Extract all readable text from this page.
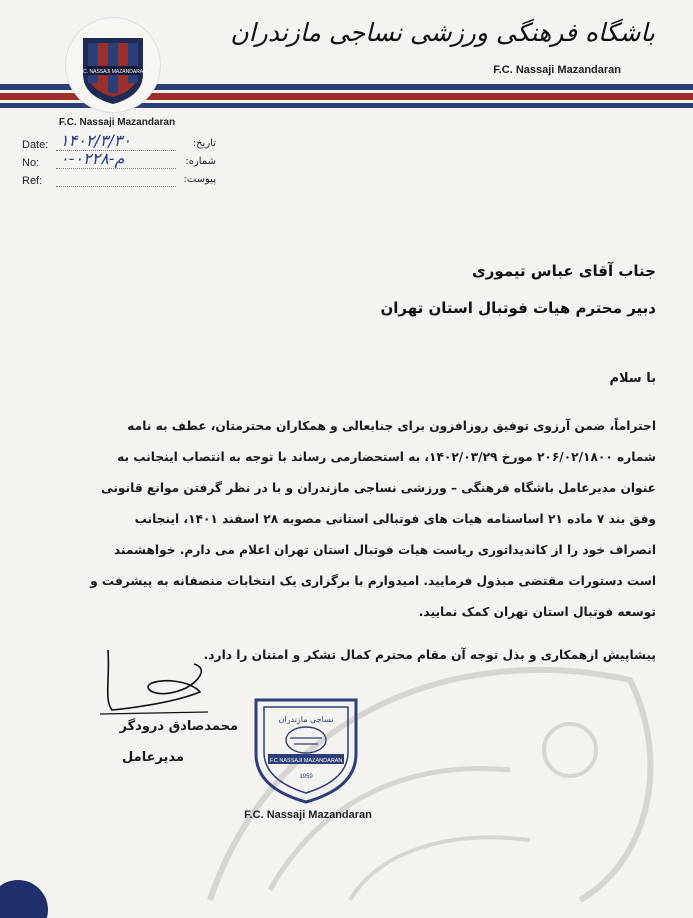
F.C. NASSAJI MAZANDARAN
F.C. Nassaji Mazandaran
باشگاه فرهنگی ورزشی نساجی مازندران
F.C. Nassaji Mazandaran
Date: ۱۴۰۲/۳/۳۰	تاریخ:
No: ۰-م-۰۲۲۸	شماره:
Ref:	پیوست:
جناب آقای عباس تیموری
دبیر محترم هیات فوتبال استان تهران
با سلام
احتراماً، ضمن آرزوی توفیق روزافزون برای جنابعالی و همکاران محترمتان، عطف به نامه
شماره ۲۰۶/۰۲/۱۸۰۰ مورخ ۱۴۰۲/۰۳/۲۹، به استحضارمی رساند با توجه به انتصاب اینجانب به
عنوان مدیرعامل باشگاه فرهنگی – ورزشی نساجی مازندران و با در نظر گرفتن موانع قانونی
وفق بند ۷ ماده ۲۱ اساسنامه هیات های فوتبالی استانی مصوبه ۲۸ اسفند ۱۴۰۱، اینجانب
انصراف خود را از کاندیداتوری ریاست هیات فوتبال استان تهران اعلام می دارم. خواهشمند
است دستورات مقتضی مبذول فرمایید. امیدوارم با برگزاری یک انتخابات منصفانه به پیشرفت و
توسعه فوتبال استان تهران کمک نمایید.
پیشاپیش ازهمکاری و بذل توجه آن مقام محترم کمال تشکر و امتنان را دارد.
محمدصادق درودگر
مدیرعامل
نساجی مازندران
F.C NASSAJI MAZANDARAN
1959
F.C. Nassaji Mazandaran
